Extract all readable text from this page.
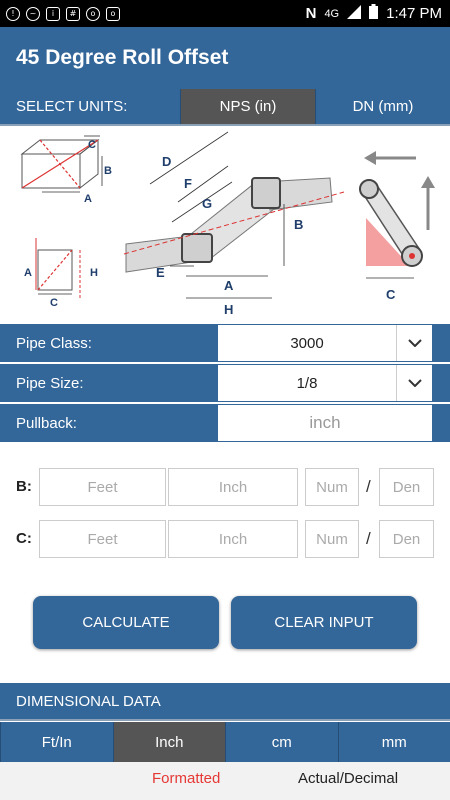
!	~	i	#	o	o	N 4G	1:47 PM
45 Degree Roll Offset
SELECT UNITS:	NPS (in)	DN (mm)
C
B
A
A	H
C
D
F
G
B
E
A
H
C
Pipe Class:	3000
Pipe Size:	1/8
Pullback:	inch
B:	Feet	Inch	Num	/	Den
C:	Feet	Inch	Num	/	Den
CALCULATE	CLEAR INPUT
DIMENSIONAL DATA
Ft/In	Inch	cm	mm
Formatted	Actual/Decimal
